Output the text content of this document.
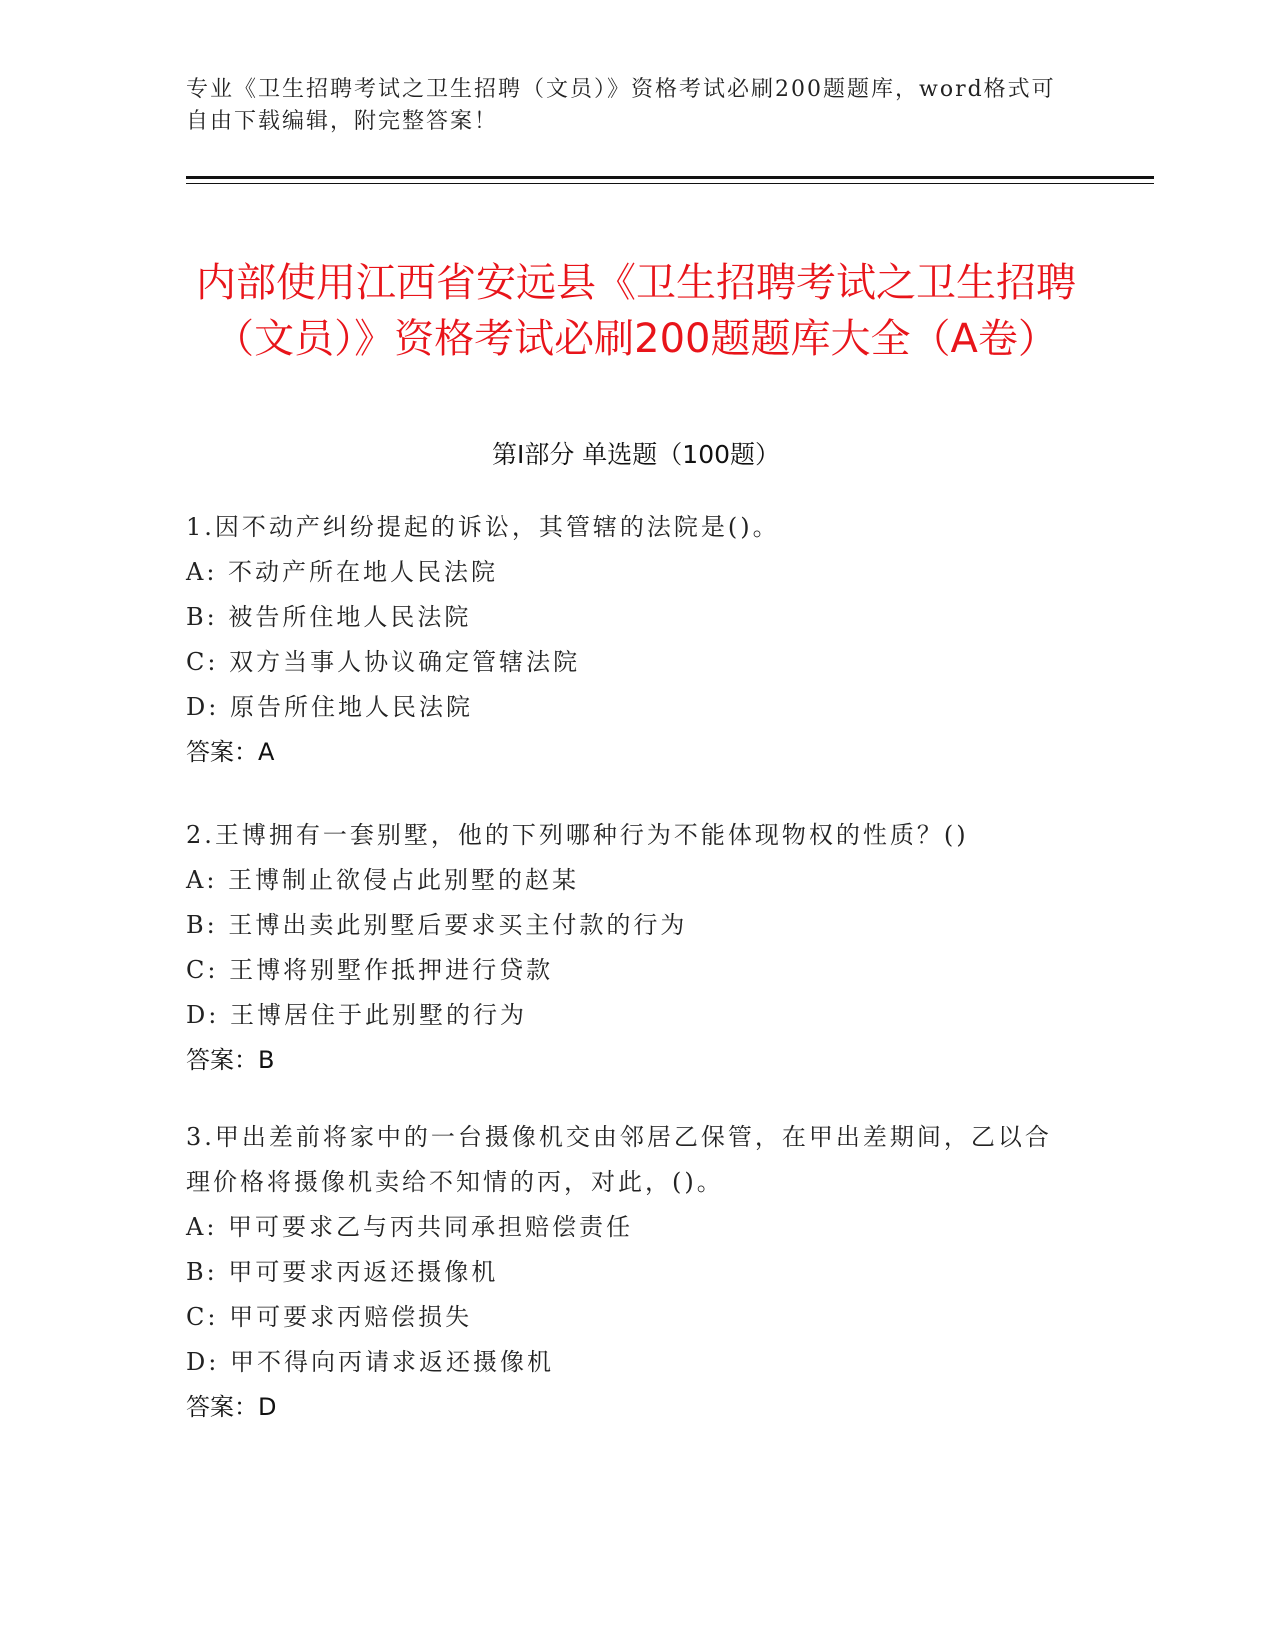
专业《卫生招聘考试之卫生招聘（文员）》资格考试必刷200题题库，word格式可自由下载编辑，附完整答案！
内部使用江西省安远县《卫生招聘考试之卫生招聘（文员）》资格考试必刷200题题库大全（A卷）
第I部分 单选题（100题）
1.因不动产纠纷提起的诉讼，其管辖的法院是()。
A: 不动产所在地人民法院
B: 被告所住地人民法院
C: 双方当事人协议确定管辖法院
D: 原告所住地人民法院
答案：A
2.王博拥有一套别墅，他的下列哪种行为不能体现物权的性质？()
A: 王博制止欲侵占此别墅的赵某
B: 王博出卖此别墅后要求买主付款的行为
C: 王博将别墅作抵押进行贷款
D: 王博居住于此别墅的行为
答案：B
3.甲出差前将家中的一台摄像机交由邻居乙保管，在甲出差期间，乙以合理价格将摄像机卖给不知情的丙，对此，()。
A: 甲可要求乙与丙共同承担赔偿责任
B: 甲可要求丙返还摄像机
C: 甲可要求丙赔偿损失
D: 甲不得向丙请求返还摄像机
答案：D
